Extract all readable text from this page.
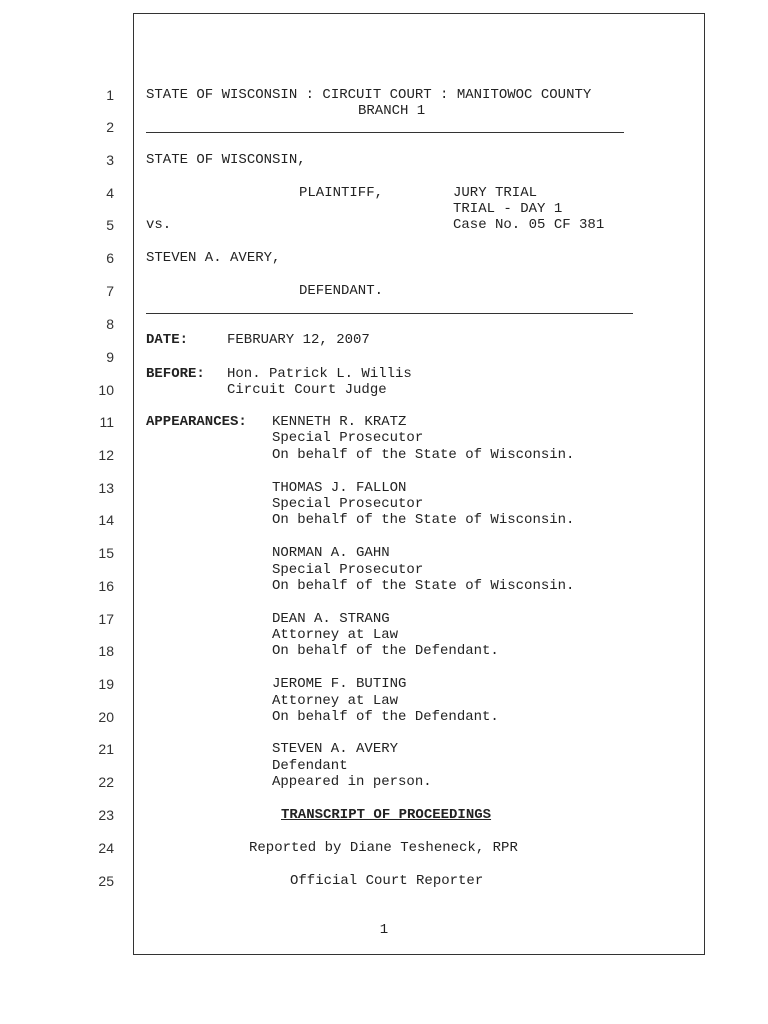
1
2
3
4
5
6
7
8
9
10
11
12
13
14
15
16
17
18
19
20
21
22
23
24
25
STATE OF WISCONSIN : CIRCUIT COURT : MANITOWOC COUNTY
BRANCH 1
STATE OF WISCONSIN,
PLAINTIFF,	JURY TRIAL
TRIAL - DAY 1
vs.	Case No. 05 CF 381
STEVEN A. AVERY,
DEFENDANT.
DATE:	FEBRUARY 12, 2007
BEFORE: Hon. Patrick L. Willis
Circuit Court Judge
APPEARANCES: KENNETH R. KRATZ
Special Prosecutor
On behalf of the State of Wisconsin.
THOMAS J. FALLON
Special Prosecutor
On behalf of the State of Wisconsin.
NORMAN A. GAHN
Special Prosecutor
On behalf of the State of Wisconsin.
DEAN A. STRANG
Attorney at Law
On behalf of the Defendant.
JEROME F. BUTING
Attorney at Law
On behalf of the Defendant.
STEVEN A. AVERY
Defendant
Appeared in person.
TRANSCRIPT OF PROCEEDINGS
Reported by Diane Tesheneck, RPR
Official Court Reporter
1
